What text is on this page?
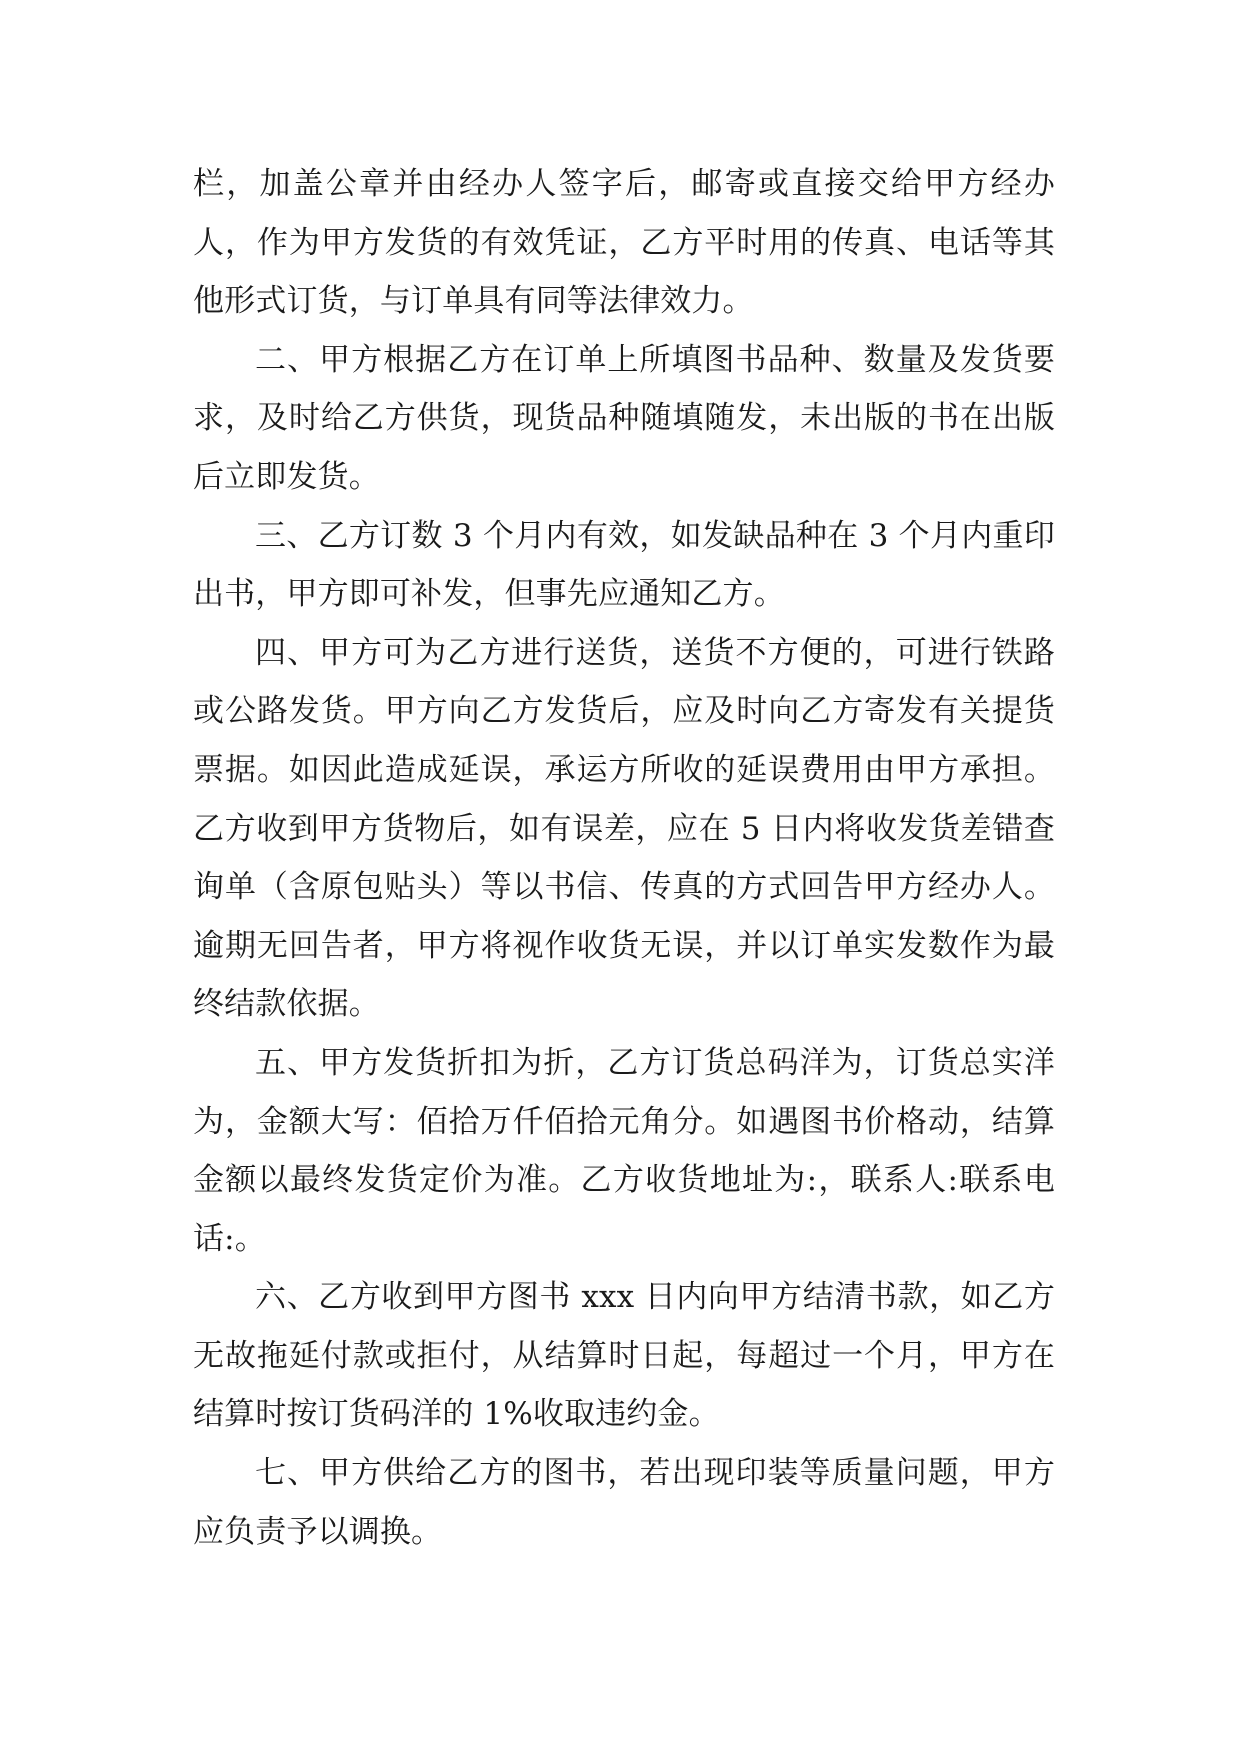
栏，加盖公章并由经办人签字后，邮寄或直接交给甲方经办人，作为甲方发货的有效凭证，乙方平时用的传真、电话等其他形式订货，与订单具有同等法律效力。

二、甲方根据乙方在订单上所填图书品种、数量及发货要求，及时给乙方供货，现货品种随填随发，未出版的书在出版后立即发货。

三、乙方订数 3 个月内有效，如发缺品种在 3 个月内重印出书，甲方即可补发，但事先应通知乙方。

四、甲方可为乙方进行送货，送货不方便的，可进行铁路或公路发货。甲方向乙方发货后，应及时向乙方寄发有关提货票据。如因此造成延误，承运方所收的延误费用由甲方承担。乙方收到甲方货物后，如有误差，应在 5 日内将收发货差错查询单（含原包贴头）等以书信、传真的方式回告甲方经办人。逾期无回告者，甲方将视作收货无误，并以订单实发数作为最终结款依据。

五、甲方发货折扣为折，乙方订货总码洋为，订货总实洋为，金额大写：佰拾万仟佰拾元角分。如遇图书价格动，结算金额以最终发货定价为准。乙方收货地址为:，联系人:联系电话:。

六、乙方收到甲方图书 xxx 日内向甲方结清书款，如乙方无故拖延付款或拒付，从结算时日起，每超过一个月，甲方在结算时按订货码洋的 1%收取违约金。

七、甲方供给乙方的图书，若出现印装等质量问题，甲方应负责予以调换。
